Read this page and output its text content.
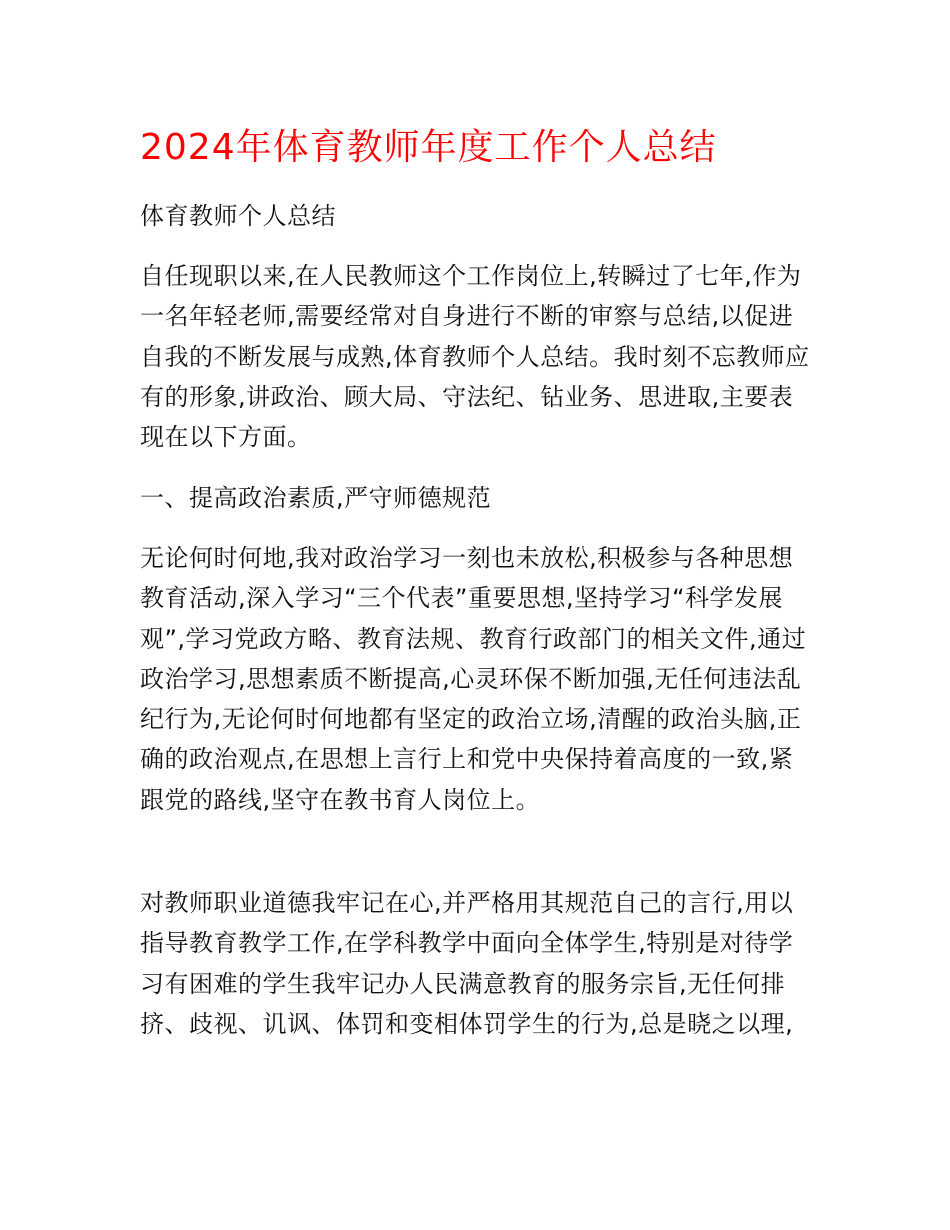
2024年体育教师年度工作个人总结

体育教师个人总结

自任现职以来,在人民教师这个工作岗位上,转瞬过了七年,作为一名年轻老师,需要经常对自身进行不断的审察与总结,以促进自我的不断发展与成熟,体育教师个人总结。我时刻不忘教师应有的形象,讲政治、顾大局、守法纪、钻业务、思进取,主要表现在以下方面。

一、提高政治素质,严守师德规范

无论何时何地,我对政治学习一刻也未放松,积极参与各种思想教育活动,深入学习“三个代表”重要思想,坚持学习“科学发展观”,学习党政方略、教育法规、教育行政部门的相关文件,通过政治学习,思想素质不断提高,心灵环保不断加强,无任何违法乱纪行为,无论何时何地都有坚定的政治立场,清醒的政治头脑,正确的政治观点,在思想上言行上和党中央保持着高度的一致,紧跟党的路线,坚守在教书育人岗位上。

对教师职业道德我牢记在心,并严格用其规范自己的言行,用以指导教育教学工作,在学科教学中面向全体学生,特别是对待学习有困难的学生我牢记办人民满意教育的服务宗旨,无任何排挤、歧视、讥讽、体罚和变相体罚学生的行为,总是晓之以理,
